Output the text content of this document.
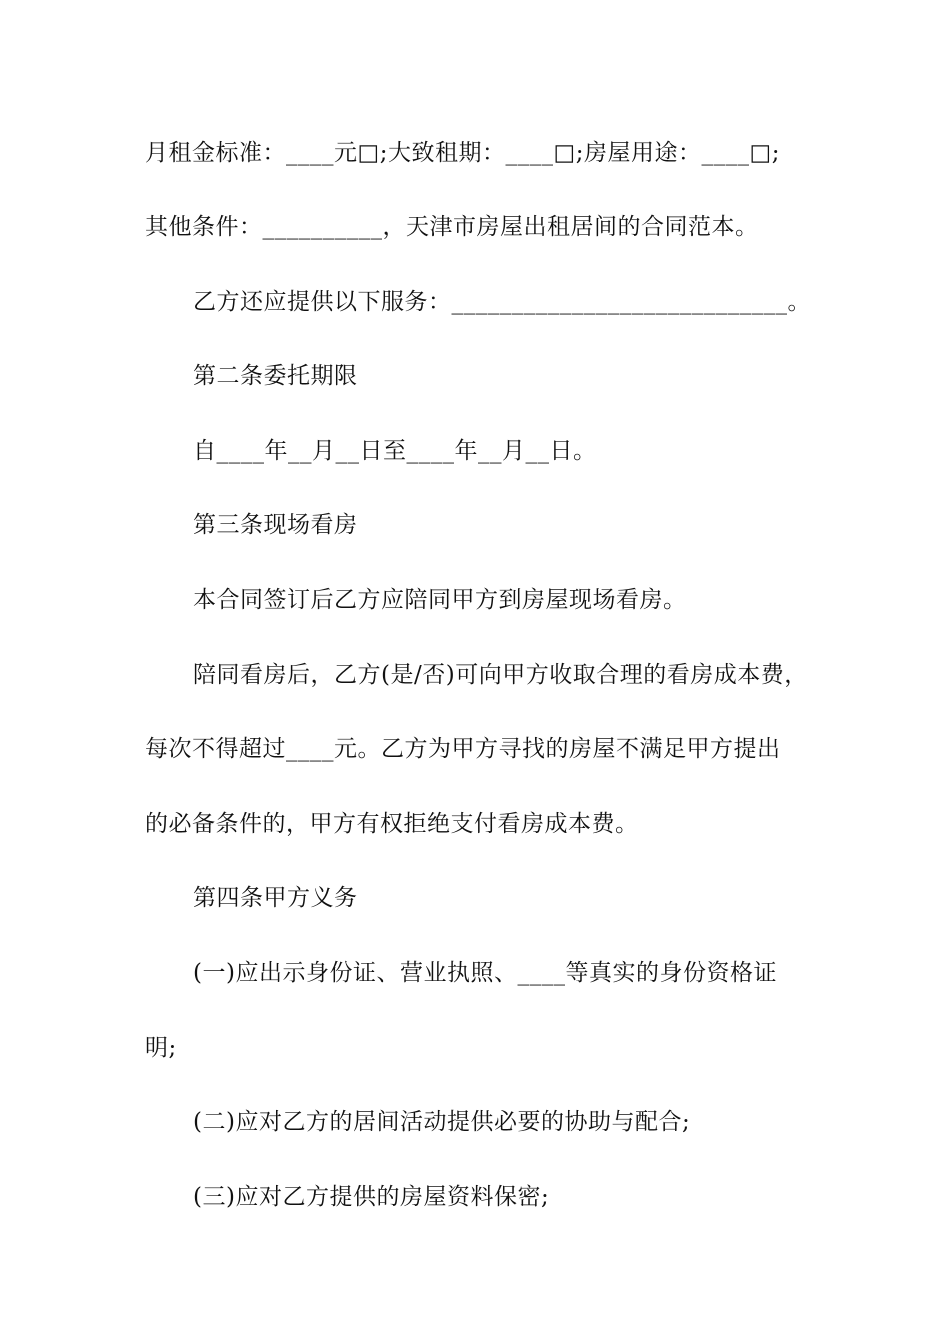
月租金标准：____元□;大致租期：____□;房屋用途：____□;
其他条件：__________，天津市房屋出租居间的合同范本。
乙方还应提供以下服务：____________________________。
第二条委托期限
自____年__月__日至____年__月__日。
第三条现场看房
本合同签订后乙方应陪同甲方到房屋现场看房。
陪同看房后，乙方(是/否)可向甲方收取合理的看房成本费，
每次不得超过____元。乙方为甲方寻找的房屋不满足甲方提出
的必备条件的，甲方有权拒绝支付看房成本费。
第四条甲方义务
(一)应出示身份证、营业执照、____等真实的身份资格证
明;
(二)应对乙方的居间活动提供必要的协助与配合;
(三)应对乙方提供的房屋资料保密;
